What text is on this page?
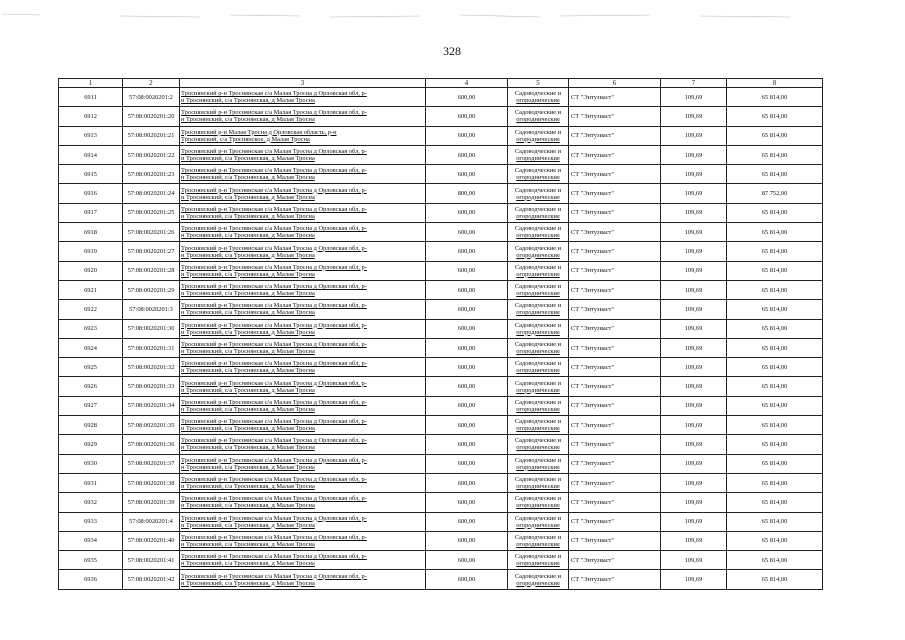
328
1	2	3	4	5	6	7	8
6911	57:08:0020201:2	Троснянский р-н Троснянская с/а Малая Тросна д Орловская обл, р-
н Троснянский, с/а Троснянская, д Малая Тросна	600,00	Садоводческие и
огороднические	СТ "Энтузиаст"	109,69	65 814,00
6912	57:08:0020201:20	Троснянский р-н Троснянская с/а Малая Тросна д Орловская обл, р-
н Троснянский, с/а Троснянская, д Малая Тросна	600,00	Садоводческие и
огороднические	СТ "Энтузиаст"	109,69	65 814,00
6913	57:08:0020201:21	Троснянский р-н Малая Тросна д Орловская область, р-н
Троснянский, с/а Троснянское, д Малая Тросна	600,00	Садоводческие и
огороднические	СТ "Энтузиаст"	109,69	65 814,00
6914	57:08:0020201:22	Троснянский р-н Троснянская с/а Малая Тросна д Орловская обл, р-
н Троснянский, с/а Троснянская, д Малая Тросна	600,00	Садоводческие и
огороднические	СТ "Энтузиаст"	109,69	65 814,00
6915	57:08:0020201:23	Троснянский р-н Троснянская с/а Малая Тросна д Орловская обл, р-
н Троснянский, с/а Троснянская, д Малая Тросна	600,00	Садоводческие и
огороднические	СТ "Энтузиаст"	109,69	65 814,00
6916	57:08:0020201:24	Троснянский р-н Троснянская с/а Малая Тросна д Орловская обл, р-
н Троснянский, с/а Троснянская, д Малая Тросна	800,00	Садоводческие и
огороднические	СТ "Энтузиаст"	109,69	87 752,00
6917	57:08:0020201:25	Троснянский р-н Троснянская с/а Малая Тросна д Орловская обл, р-
н Троснянский, с/а Троснянская, д Малая Тросна	600,00	Садоводческие и
огороднические	СТ "Энтузиаст"	109,69	65 814,00
6918	57:08:0020201:26	Троснянский р-н Троснянская с/а Малая Тросна д Орловская обл, р-
н Троснянский, с/а Троснянская, д Малая Тросна	600,00	Садоводческие и
огороднические	СТ "Энтузиаст"	109,69	65 814,00
6919	57:08:0020201:27	Троснянский р-н Троснянская с/а Малая Тросна д Орловская обл, р-
н Троснянский, с/а Троснянская, д Малая Тросна	600,00	Садоводческие и
огороднические	СТ "Энтузиаст"	109,69	65 814,00
6920	57:08:0020201:28	Троснянский р-н Троснянская с/а Малая Тросна д Орловская обл, р-
н Троснянский, с/а Троснянская, д Малая Тросна	600,00	Садоводческие и
огороднические	СТ "Энтузиаст"	109,69	65 814,00
6921	57:08:0020201:29	Троснянский р-н Троснянская с/а Малая Тросна д Орловская обл, р-
н Троснянский, с/а Троснянская, д Малая Тросна	600,00	Садоводческие и
огороднические	СТ "Энтузиаст"	109,69	65 814,00
6922	57:08:0020201:3	Троснянский р-н Троснянская с/а Малая Тросна д Орловская обл, р-
н Троснянский, с/а Троснянская, д Малая Тросна	600,00	Садоводческие и
огороднические	СТ "Энтузиаст"	109,69	65 814,00
6923	57:08:0020201:30	Троснянский р-н Троснянская с/а Малая Тросна д Орловская обл, р-
н Троснянский, с/а Троснянская, д Малая Тросна	600,00	Садоводческие и
огороднические	СТ "Энтузиаст"	109,69	65 814,00
6924	57:08:0020201:31	Троснянский р-н Троснянская с/а Малая Тросна д Орловская обл, р-
н Троснянский, с/а Троснянская, д Малая Тросна	600,00	Садоводческие и
огороднические	СТ "Энтузиаст"	109,69	65 814,00
6925	57:08:0020201:32	Троснянский р-н Троснянская с/а Малая Тросна д Орловская обл, р-
н Троснянский, с/а Троснянская, д Малая Тросна	600,00	Садоводческие и
огороднические	СТ "Энтузиаст"	109,69	65 814,00
6926	57:08:0020201:33	Троснянский р-н Троснянская с/а Малая Тросна д Орловская обл, р-
н Троснянский, с/а Троснянская, д Малая Тросна	600,00	Садоводческие и
огороднические	СТ "Энтузиаст"	109,69	65 814,00
6927	57:08:0020201:34	Троснянский р-н Троснянская с/а Малая Тросна д Орловская обл, р-
н Троснянский, с/а Троснянская, д Малая Тросна	600,00	Садоводческие и
огороднические	СТ "Энтузиаст"	109,69	65 814,00
6928	57:08:0020201:35	Троснянский р-н Троснянская с/а Малая Тросна д Орловская обл, р-
н Троснянский, с/а Троснянская, д Малая Тросна	600,00	Садоводческие и
огороднические	СТ "Энтузиаст"	109,69	65 814,00
6929	57:08:0020201:36	Троснянский р-н Троснянская с/а Малая Тросна д Орловская обл, р-
н Троснянский, с/а Троснянская, д Малая Тросна	600,00	Садоводческие и
огороднические	СТ "Энтузиаст"	109,69	65 814,00
6930	57:08:0020201:37	Троснянский р-н Троснянская с/а Малая Тросна д Орловская обл, р-
н Троснянский, с/а Троснянская, д Малая Тросна	600,00	Садоводческие и
огороднические	СТ "Энтузиаст"	109,69	65 814,00
6931	57:08:0020201:38	Троснянский р-н Троснянская с/а Малая Тросна д Орловская обл, р-
н Троснянский, с/а Троснянская, д Малая Тросна	600,00	Садоводческие и
огороднические	СТ "Энтузиаст"	109,69	65 814,00
6932	57:08:0020201:39	Троснянский р-н Троснянская с/а Малая Тросна д Орловская обл, р-
н Троснянский, с/а Троснянская, д Малая Тросна	600,00	Садоводческие и
огороднические	СТ "Энтузиаст"	109,69	65 814,00
6933	57:08:0020201:4	Троснянский р-н Троснянская с/а Малая Тросна д Орловская обл, р-
н Троснянский, с/а Троснянская, д Малая Тросна	600,00	Садоводческие и
огороднические	СТ "Энтузиаст"	109,69	65 814,00
6934	57:08:0020201:40	Троснянский р-н Троснянская с/а Малая Тросна д Орловская обл, р-
н Троснянский, с/а Троснянская, д Малая Тросна	600,00	Садоводческие и
огороднические	СТ "Энтузиаст"	109,69	65 814,00
6935	57:08:0020201:41	Троснянский р-н Троснянская с/а Малая Тросна д Орловская обл, р-
н Троснянский, с/а Троснянская, д Малая Тросна	600,00	Садоводческие и
огороднические	СТ "Энтузиаст"	109,69	65 814,00
6936	57:08:0020201:42	Троснянский р-н Троснянская с/а Малая Тросна д Орловская обл, р-
н Троснянский, с/а Троснянская, д Малая Тросна	600,00	Садоводческие и
огороднические	СТ "Энтузиаст"	109,69	65 814,00
